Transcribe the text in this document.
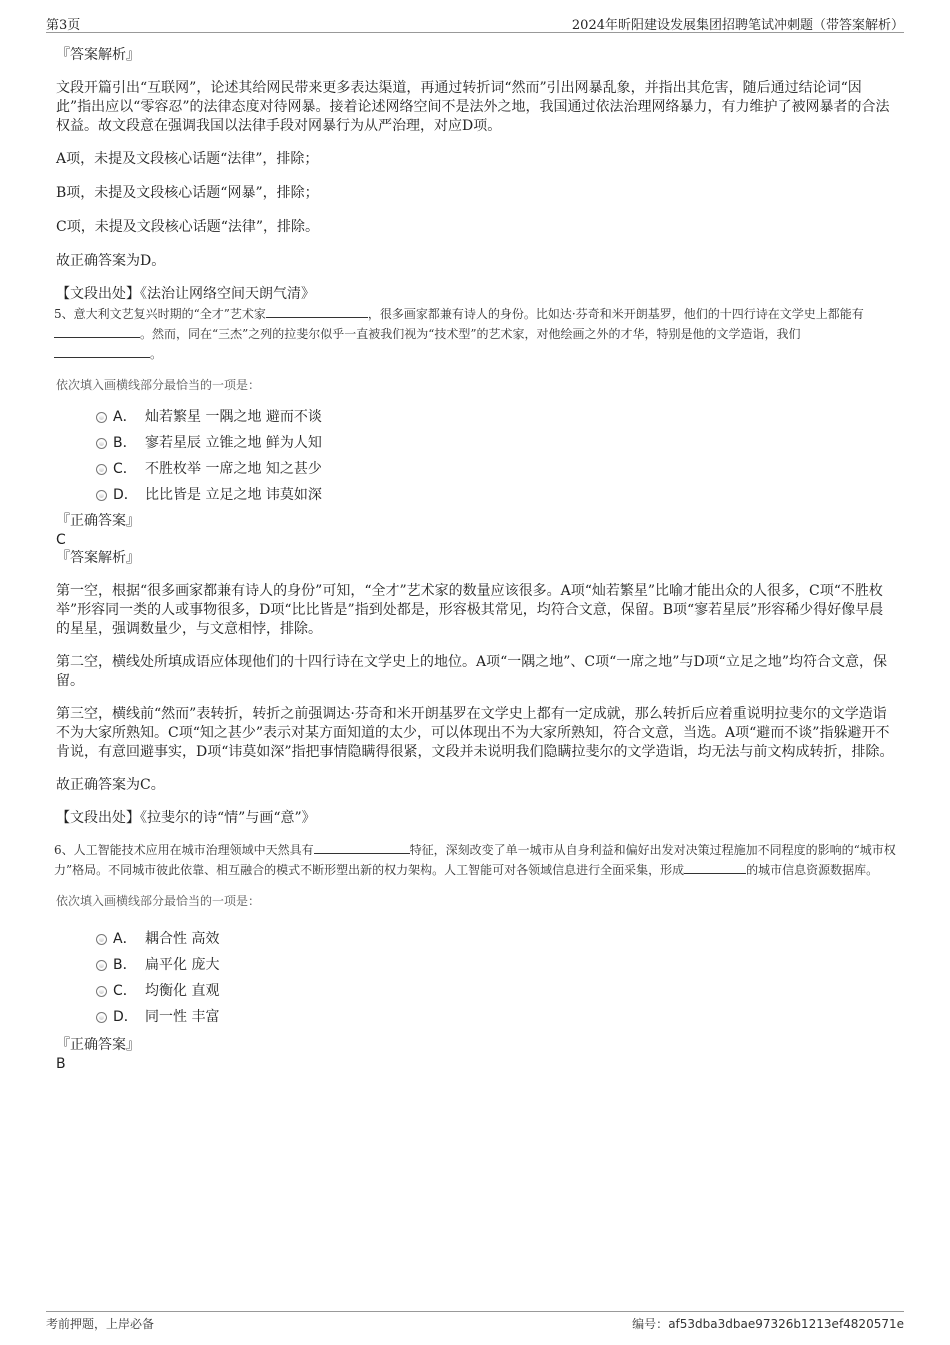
第3页	2024年昕阳建设发展集团招聘笔试冲刺题（带答案解析）

『答案解析』

文段开篇引出“互联网”，论述其给网民带来更多表达渠道，再通过转折词“然而”引出网暴乱象，并指出其危害，随后通过结论词“因此”指出应以“零容忍”的法律态度对待网暴。接着论述网络空间不是法外之地，我国通过依法治理网络暴力，有力维护了被网暴者的合法权益。故文段意在强调我国以法律手段对网暴行为从严治理，对应D项。

A项，未提及文段核心话题“法律”，排除；

B项，未提及文段核心话题“网暴”，排除；

C项，未提及文段核心话题“法律”，排除。

故正确答案为D。

【文段出处】《法治让网络空间天朗气清》

5、意大利文艺复兴时期的“全才”艺术家	，很多画家都兼有诗人的身份。比如达·芬奇和米开朗基罗，他们的十四行诗在文学史上都能有。然而，同在“三杰”之列的拉斐尔似乎一直被我们视为“技术型”的艺术家，对他绘画之外的才华，特别是他的文学造诣，我们。

依次填入画横线部分最恰当的一项是：

A． 灿若繁星 一隅之地 避而不谈
B． 寥若星辰 立锥之地 鲜为人知
C． 不胜枚举 一席之地 知之甚少
D． 比比皆是 立足之地 讳莫如深

『正确答案』

C

『答案解析』

第一空，根据“很多画家都兼有诗人的身份”可知，“全才”艺术家的数量应该很多。A项“灿若繁星”比喻才能出众的人很多，C项“不胜枚举”形容同一类的人或事物很多，D项“比比皆是”指到处都是，形容极其常见，均符合文意，保留。B项“寥若星辰”形容稀少得好像早晨的星星，强调数量少，与文意相悖，排除。

第二空，横线处所填成语应体现他们的十四行诗在文学史上的地位。A项“一隅之地”、C项“一席之地”与D项“立足之地”均符合文意，保留。

第三空，横线前“然而”表转折，转折之前强调达·芬奇和米开朗基罗在文学史上都有一定成就，那么转折后应着重说明拉斐尔的文学造诣不为大家所熟知。C项“知之甚少”表示对某方面知道的太少，可以体现出不为大家所熟知，符合文意，当选。A项“避而不谈”指躲避开不肯说，有意回避事实，D项“讳莫如深”指把事情隐瞒得很紧，文段并未说明我们隐瞒拉斐尔的文学造诣，均无法与前文构成转折，排除。

故正确答案为C。

【文段出处】《拉斐尔的诗“情”与画“意”》

6、人工智能技术应用在城市治理领域中天然具有	特征，深刻改变了单一城市从自身利益和偏好出发对决策过程施加不同程度的影响的“城市权力”格局。不同城市彼此依靠、相互融合的模式不断形塑出新的权力架构。人工智能可对各领域信息进行全面采集，形成	的城市信息资源数据库。

依次填入画横线部分最恰当的一项是：

A． 耦合性 高效
B． 扁平化 庞大
C． 均衡化 直观
D． 同一性 丰富

『正确答案』

B

考前押题，上岸必备	编号：af53dba3dbae97326b1213ef4820571e
